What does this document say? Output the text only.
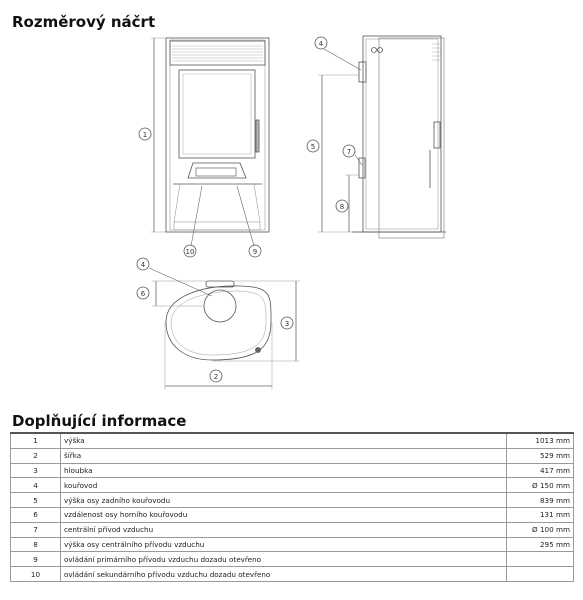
Rozměrový náčrt
1
10	9
4
5
7
8
4
6
3
2
Doplňující informace
1	výška	1013 mm
2	šířka	529 mm
3	hloubka	417 mm
4	kouřovod	Ø 150 mm
5	výška osy zadního kouřovodu	839 mm
6	vzdálenost osy horního kouřovodu	131 mm
7	centrální přívod vzduchu	Ø 100 mm
8	výška osy centrálního přívodu vzduchu	295 mm
9	ovládání primárního přívodu vzduchu dozadu otevřeno	
10	ovládání sekundárního přívodu vzduchu dozadu otevřeno	
